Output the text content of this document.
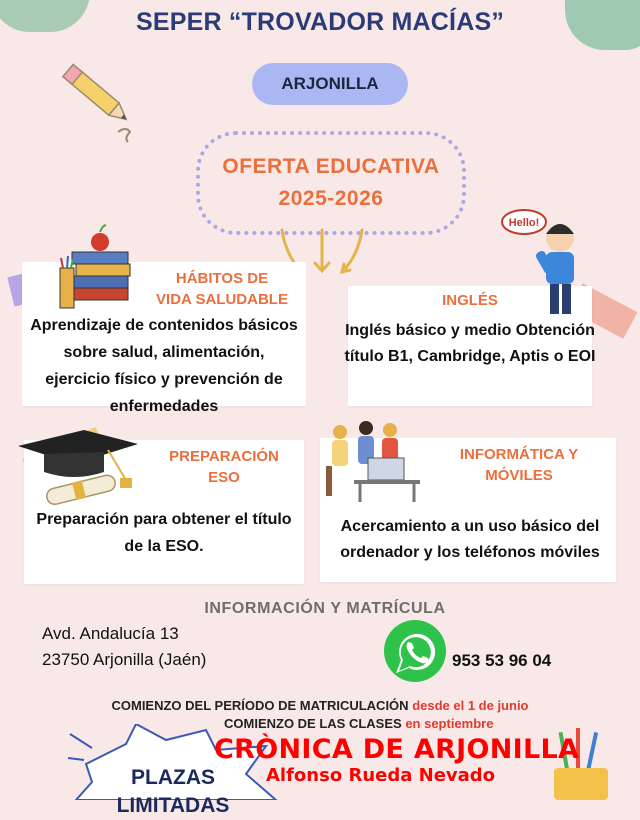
SEPER “TROVADOR MACÍAS”
ARJONILLA
OFERTA EDUCATIVA
2025-2026
HÁBITOS DE
VIDA SALUDABLE
Aprendizaje de contenidos básicos sobre salud, alimentación, ejercicio físico y prevención de enfermedades
INGLÉS
Inglés básico y medio Obtención título B1, Cambridge, Aptis o EOI
Hello!
PREPARACIÓN
ESO
Preparación para obtener el título de la ESO.
INFORMÁTICA Y
MÓVILES
Acercamiento a un uso básico del ordenador y los teléfonos móviles
INFORMACIÓN Y MATRÍCULA
Avd. Andalucía 13
23750 Arjonilla (Jaén)	953 53 96 04
COMIENZO DEL PERÍODO DE MATRICULACIÓN desde el 1 de junio
COMIENZO DE LAS CLASES en septiembre
PLAZAS
LIMITADAS
CRÒNICA DE ARJONILLA
Alfonso Rueda Nevado
